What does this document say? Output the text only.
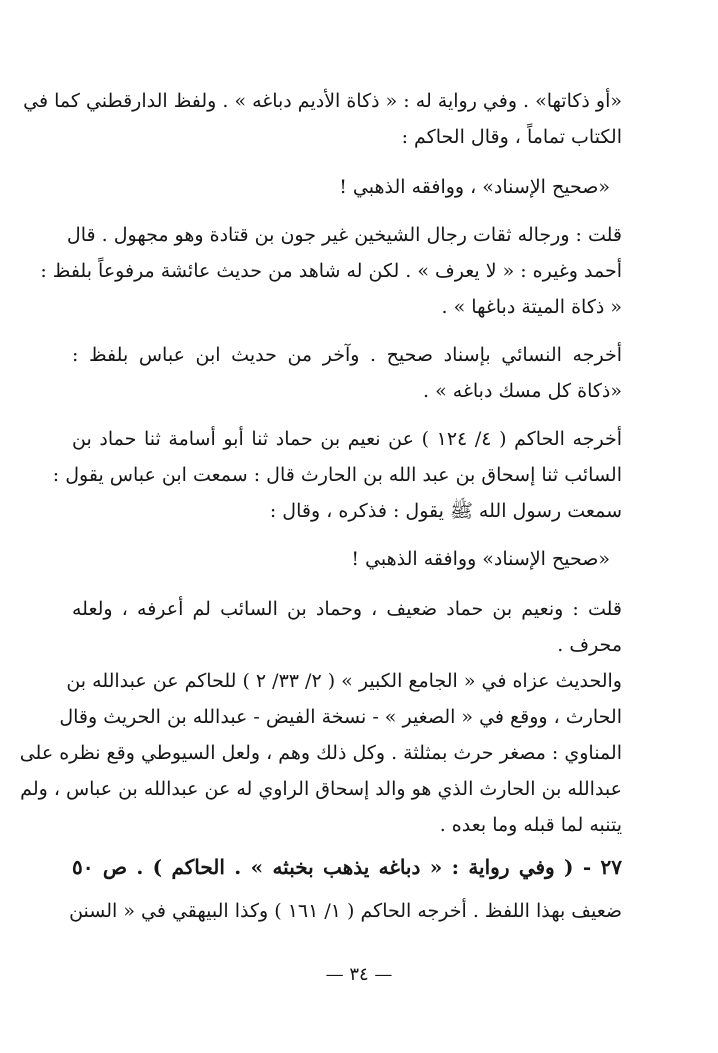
«أو ذكاتها» . وفي رواية له : « ذكاة الأديم دباغه » . ولفظ الدارقطني كما في
الكتاب تماماً ، وقال الحاكم :
«صحيح الإسناد» ، ووافقه الذهبي !
قلت : ورجاله ثقات رجال الشيخين غير جون بن قتادة وهو مجهول . قال
أحمد وغيره : « لا يعرف » . لكن له شاهد من حديث عائشة مرفوعاً بلفظ :
« ذكاة الميتة دباغها » .
أخرجه النسائي بإسناد صحيح . وآخر من حديث ابن عباس بلفظ :
«ذكاة كل مسك دباغه » .
أخرجه الحاكم ( ٤/ ١٢٤ ) عن نعيم بن حماد ثنا أبو أسامة ثنا حماد بن
السائب ثنا إسحاق بن عبد الله بن الحارث قال : سمعت ابن عباس يقول :
سمعت رسول الله ﷺ يقول : فذكره ، وقال :
«صحيح الإسناد» ووافقه الذهبي !
قلت : ونعيم بن حماد ضعيف ، وحماد بن السائب لم أعرفه ، ولعله
محرف .
والحديث عزاه في « الجامع الكبير » ( ٢/ ٣٣/ ٢ ) للحاكم عن عبدالله بن
الحارث ، ووقع في « الصغير » - نسخة الفيض - عبدالله بن الحريث وقال
المناوي : مصغر حرث بمثلثة . وكل ذلك وهم ، ولعل السيوطي وقع نظره على
عبدالله بن الحارث الذي هو والد إسحاق الراوي له عن عبدالله بن عباس ، ولم
يتنبه لما قبله وما بعده .
٢٧ - ( وفي رواية : « دباغه يذهب بخبثه » . الحاكم ) . ص ٥٠
ضعيف بهذا اللفظ . أخرجه الحاكم ( ١/ ١٦١ ) وكذا البيهقي في « السنن
— ٣٤ —
